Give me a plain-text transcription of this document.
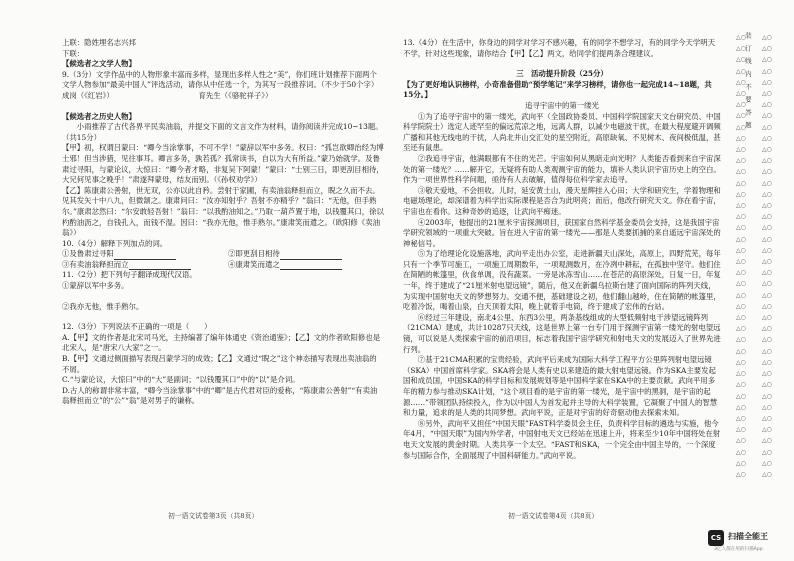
上联：隐姓埋名志兴邦

下联：

【候选者之文学人物】

9.（3分）文学作品中的人物形象丰富而多样，显现出多样人性之“美”，你们班计划推荐下面两个文学人物参加“最美中国人”评选活动，请你从中任选一个，为其写一段推荐词。（不少于50个字）

成岗（《红岩》）	育先生（《骆驼祥子》）

【候选者之历史人物】

小雨推荐了古代各界平民卖油翁，并提交下面的文言文作为材料，请你阅读并完成10~13题。（共15分）

【甲】初，权谓吕蒙曰：“卿今当涂掌事，不可不学！”蒙辞以军中多务。权曰：“孤岂欲卿治经为博士邪！但当涉猎，见往事耳。卿言多务，孰若孤？孤常读书，自以为大有所益。”蒙乃始就学。及鲁肃过寻阳，与蒙论议，大惊曰：“卿今者才略，非复吴下阿蒙！”蒙曰：“士别三日，即更刮目相待，大兄何见事之晚乎！”肃遂拜蒙母，结友而别。（《孙权劝学》）

【乙】陈康肃公善射，世无双，公亦以此自矜。尝射于家圃，有卖油翁释担而立，睨之久而不去。见其发矢十中八九，但微颔之。康肃问曰：“汝亦知射乎？吾射不亦精乎？”翁曰：“无他，但手熟尔。”康肃忿然曰：“尔安敢轻吾射！”翁曰：“以我酌油知之。”乃取一葫芦置于地，以钱覆其口，徐以杓酌油沥之，自钱孔入，而钱不湿。因曰：“我亦无他，惟手熟尔。”康肃笑而遣之。（欧阳修《卖油翁》）

10.（4分）解释下列加点的词。

①及鲁肃过寻阳	②即更刮目相待
③有卖油翁释担而立	④康肃笑而遣之

11.（2分）把下列句子翻译成现代汉语。

①蒙辞以军中多务。

②我亦无他，惟手熟尔。

12.（3分）下列说法不正确的一项是（　　）

A.【甲】文的作者是北宋司马光，主持编著了编年体通史《资治通鉴》；【乙】文的作者欧阳修也是北宋人，是“唐宋八大家”之一。

B.【甲】文通过侧面描写表现吕蒙学习的成效；【乙】文通过“睨之”这个神态描写表现出卖油翁的不屑。

C.“与蒙论议，大惊曰”中的“大”是副词；“以钱覆其口”中的“以”是介词。

D.古人的称谓非常丰富，“卿今当涂掌事”中的“卿”是古代君对臣的爱称，“陈康肃公善射”“有卖油翁释担而立”的“公”“翁”是对男子的谦称。

13.（4分）在生活中，你身边的同学对学习不感兴趣，有的同学不想学习，有的同学今天学明天不学，针对这些现象，请你结合【甲】【乙】两文，给同学们提两条合理建议。

三　活动提升阶段（25分）

【为了更好地认识榜样，小奇准备借助“预学笔记”来学习榜样，请你也一起完成14~18题，共15分。】

追寻宇宙中的第一缕光

①为了追寻宇宙中的第一缕光，武向平（全国政协委员、中国科学院国家天文台研究员、中国科学院院士）选定人迹罕至的偏远荒凉之地，远离人群，以减少电磁波干扰，在最大程度避开调频广播和其他无线电的干扰，人尚北井山交汇处的星空附近，高原缺氧、不见树木、夜间极低温，甚至还有鼠患。

②我追寻宇宙，他满眼都有不住的光芒。宇宙如何从黑暗走向光明？人类能否看到来自宇宙深处的第一缕光？……解开它，无疑将有助人类观测宇宙的能力，填补人类认识宇宙历史上的空白。作为一项世界性科学问题，亟待有人去破解，值得每位科学家去追寻。

③敬天爱地，不会担收。儿时，延安黄土山，漫天星辉挂入心田；大学和研究生，学着物理和电磁场理论，却深谱着为科学出实际课程是否合为此明亮；而后，他改行研究天文。你在看宇宙，宇宙也在看你。这种奇妙的追逐，让武向平痴迷。

④2003年，他提出的21厘米宇宙探测项目，获国家自然科学基金委员会支持，这是我国宇宙学研究领域的一项重大突破。旨在进入宇宙的第一缕光——那是人类要抓捕的来自遥远宇宙深处的神秘信号。

⑤为了给理论化设施落地，武向平走出办公室，走进新疆天山深处，高原上，四野荒芜，每年只有一个季节可施工，一项施工周期数年，一项观测数月，在冷冽中耕耘，在孤独中坚守。他们住在简陋的帐篷里，伙食单调，没有蔬菜。一旁是冰冻雪山……在苍茫的高原深处，日复一日，年复一年，终于建成了“21厘米射电望远镜”，随后，他又在新疆乌拉斯台建了面向国际的阵列天线，为实现中国射电天文的梦想努力。交通不便，基础建设之初，他们翻山越岭，住在简陋的帐篷里，吃着冷饭，喝着山泉，白天顶着太阳，晚上就着手电筒，终于建成了宏伟的台站。

⑥经过三年建设，南北4公里、东西3公里，两条基线组成的大型低频射电干涉望远镜阵列（21CMA）建成，共计10287只天线，这是世界上第一台专门用于探测宇宙第一缕光的射电望远镜，可以说是人类探索宇宙的前沿项目，标志着我国宇宙学研究和射电天文的发展迈入了世界先进行列。

⑦基于21CMA积累的宝贵经验，武向平后来成为国际大科学工程平方公里阵列射电望远镜（SKA）中国首席科学家。SKA将会是人类有史以来建造的最大射电望远镜。作为SKA主要发起国和成员国，中国SKA的科学目标和发展规划等是中国科学家在SKA中的主要贡献。武向平用多年的精力参与推动SKA计划，“这个项目看的是宇宙的第一缕光，是宇宙中的黑洞，是宇宙的起源……”带领团队持续投入，作为以中国人为首发起并主导的大科学装置，它凝聚了中国人的智慧和力量，追求的是人类的共同梦想。武向平说，正是对宇宙的好奇驱动他去探索未知。

⑧另外，武向平又担任“中国天眼”FAST科学委员会主任，负责科学目标的遴选与实施，他今年4月，“中国天眼”为国内外学者，中国射电天文已经站在迅速上升，将来至少10年中国将处在射电天文发展的黄金时期。人类共享一个太空。“FAST和SKA，一个完全由中国主导的，一个深度参与国际合作，全面展现了中国科研能力。”武向平说。

初一语文试卷第3页（共8页）	初一语文试卷第4页（共8页）
△○
△○
△○
△○
△○
△○
△○
△○
△○
△○
△○
△○
△○
△○
△○
△○
△○
△○
△○
△○
△○
△○
△○
△○
△○
△○
△○
△○
△○
△○
△○
△○
△○
△○
△○
△○
△○
△○
△○
△○
装　订　线　内　不　要　答　题	△○
△○
△○
△○
△○
△○
△○
△○
△○
△○
△○
△○
△○
△○
△○
△○
△○
△○
△○
△○
△○
△○
△○
△○
△○
△○
△○
△○
△○
△○
△○
△○
△○
△○
△○
△○
△○
△○
△○
△○
CS 扫描全能王
3亿人都在用的扫描App
